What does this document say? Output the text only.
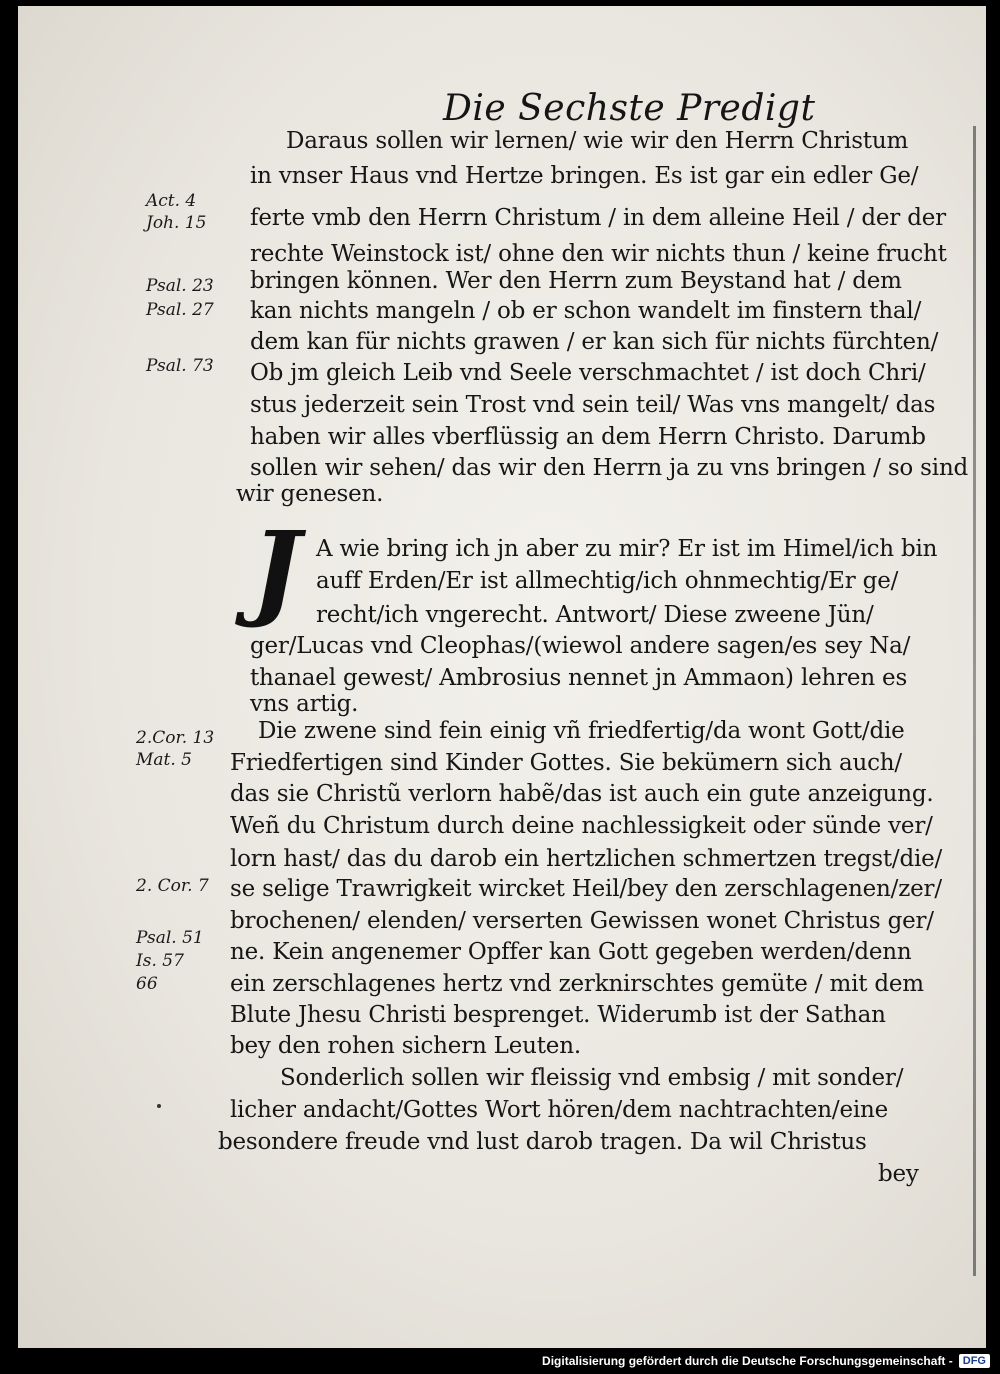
Die Sechste Predigt
Daraus sollen wir lernen/ wie wir den Herrn Christum
in vnser Haus vnd Hertze bringen. Es ist gar ein edler Ge/
ferte vmb den Herrn Christum / in dem alleine Heil / der der
rechte Weinstock ist/ ohne den wir nichts thun / keine frucht
bringen können. Wer den Herrn zum Beystand hat / dem
kan nichts mangeln / ob er schon wandelt im finstern thal/
dem kan für nichts grawen / er kan sich für nichts fürchten/
Ob jm gleich Leib vnd Seele verschmachtet / ist doch Chri/
stus jederzeit sein Trost vnd sein teil/ Was vns mangelt/ das
haben wir alles vberflüssig an dem Herrn Christo. Darumb
sollen wir sehen/ das wir den Herrn ja zu vns bringen / so sind
wir genesen.
J A wie bring ich jn aber zu mir? Er ist im Himel/ich bin
auff Erden/Er ist allmechtig/ich ohnmechtig/Er ge/
recht/ich vngerecht. Antwort/ Diese zweene Jün/
ger/Lucas vnd Cleophas/(wiewol andere sagen/es sey Na/
thanael gewest/ Ambrosius nennet jn Ammaon) lehren es
vns artig.
Die zwene sind fein einig vñ friedfertig/da wont Gott/die
Friedfertigen sind Kinder Gottes. Sie bekümern sich auch/
das sie Christũ verlorn habẽ/das ist auch ein gute anzeigung.
Weñ du Christum durch deine nachlessigkeit oder sünde ver/
lorn hast/ das du darob ein hertzlichen schmertzen tregst/die/
se selige Trawrigkeit wircket Heil/bey den zerschlagenen/zer/
brochenen/ elenden/ verserten Gewissen wonet Christus ger/
ne. Kein angenemer Opffer kan Gott gegeben werden/denn
ein zerschlagenes hertz vnd zerknirschtes gemüte / mit dem
Blute Jhesu Christi besprenget. Widerumb ist der Sathan
bey den rohen sichern Leuten.
Sonderlich sollen wir fleissig vnd embsig / mit sonder/
licher andacht/Gottes Wort hören/dem nachtrachten/eine
besondere freude vnd lust darob tragen. Da wil Christus
bey
Act. 4
Joh. 15
Psal. 23
Psal. 27
Psal. 73
2.Cor. 13
Mat. 5
2. Cor. 7
Psal. 51
Is. 57
66
Digitalisierung gefördert durch die Deutsche Forschungsgemeinschaft - DFG
